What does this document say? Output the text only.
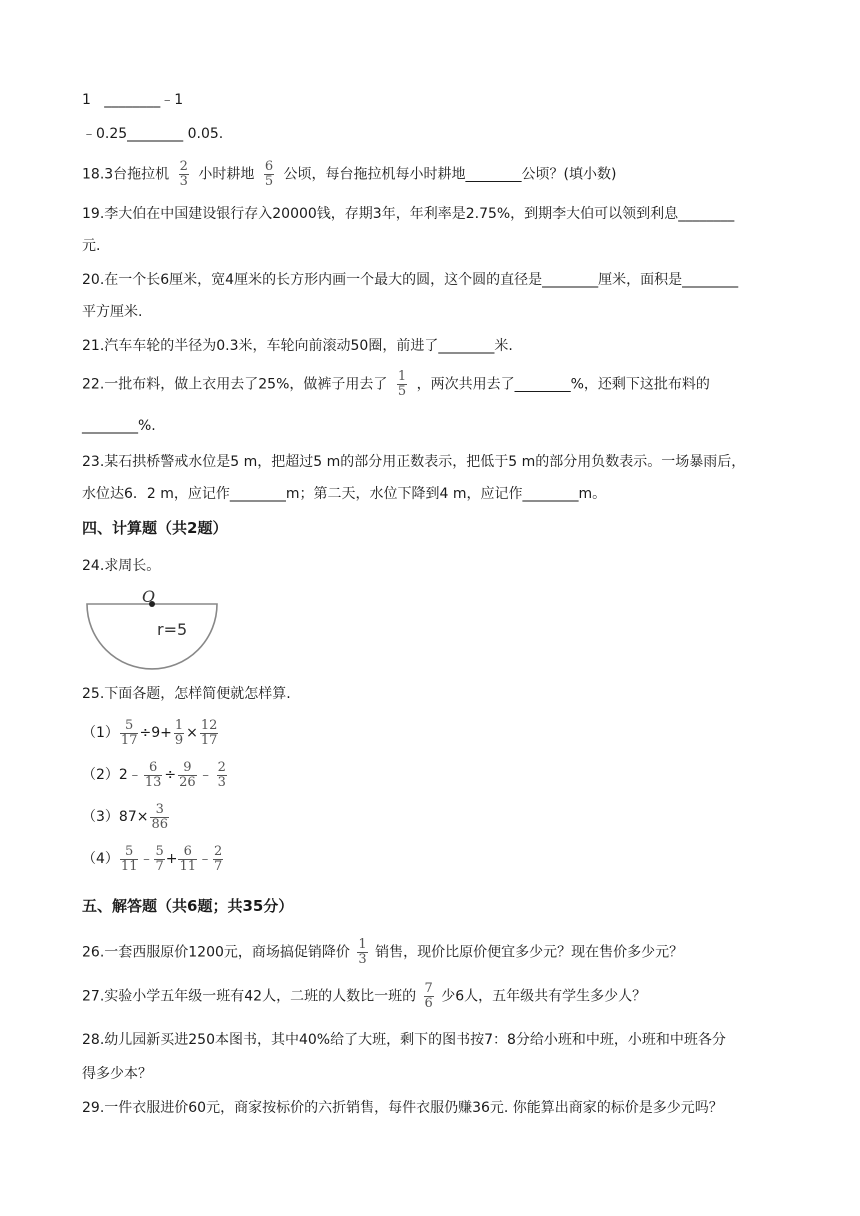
1 ________﹣1
﹣0.25________ 0.05.
18.3台拖拉机 $\frac{2}{3}$ 小时耕地 $\frac{6}{5}$ 公顷，每台拖拉机每小时耕地________公顷？(填小数)
19.李大伯在中国建设银行存入20000钱，存期3年，年利率是2.75%，到期李大伯可以领到利息________
元.
20.在一个长6厘米，宽4厘米的长方形内画一个最大的圆，这个圆的直径是________厘米，面积是________
平方厘米.
21.汽车车轮的半径为0.3米，车轮向前滚动50圈，前进了________米.
22.一批布料，做上衣用去了25%，做裤子用去了 $\frac{1}{5}$ ，两次共用去了________%，还剩下这批布料的
________%.
23.某石拱桥警戒水位是5 m，把超过5 m的部分用正数表示，把低于5 m的部分用负数表示。一场暴雨后，
水位达6．2 m，应记作________m；第二天，水位下降到4 m，应记作________m。
四、计算题（共2题）
24.求周长。
O
r=5
25.下面各题，怎样简便就怎样算.
$(1) \frac{5}{17} \div 9+ \frac{1}{9} \times \frac{12}{17}$
（2）2﹣ $\frac{6}{13} \div \frac{9}{26}$ ﹣ $\frac{2}{3}$
$(3)87\times \frac{3}{86}$
$(4) \frac{5}{11}$ ﹣ $\frac{5}{7} + \frac{6}{11}$ ﹣ $\frac{2}{7}$
五、解答题（共6题；共35分）
26.一套西服原价1200元，商场搞促销降价 $\frac{1}{3}$ 销售，现价比原价便宜多少元？现在售价多少元？
27.实验小学五年级一班有42人，二班的人数比一班的 $\frac{7}{6}$ 少6人，五年级共有学生多少人？
28.幼儿园新买进250本图书，其中40%给了大班，剩下的图书按7：8分给小班和中班，小班和中班各分
得多少本？
29.一件衣服进价60元，商家按标价的六折销售，每件衣服仍赚36元. 你能算出商家的标价是多少元吗？
